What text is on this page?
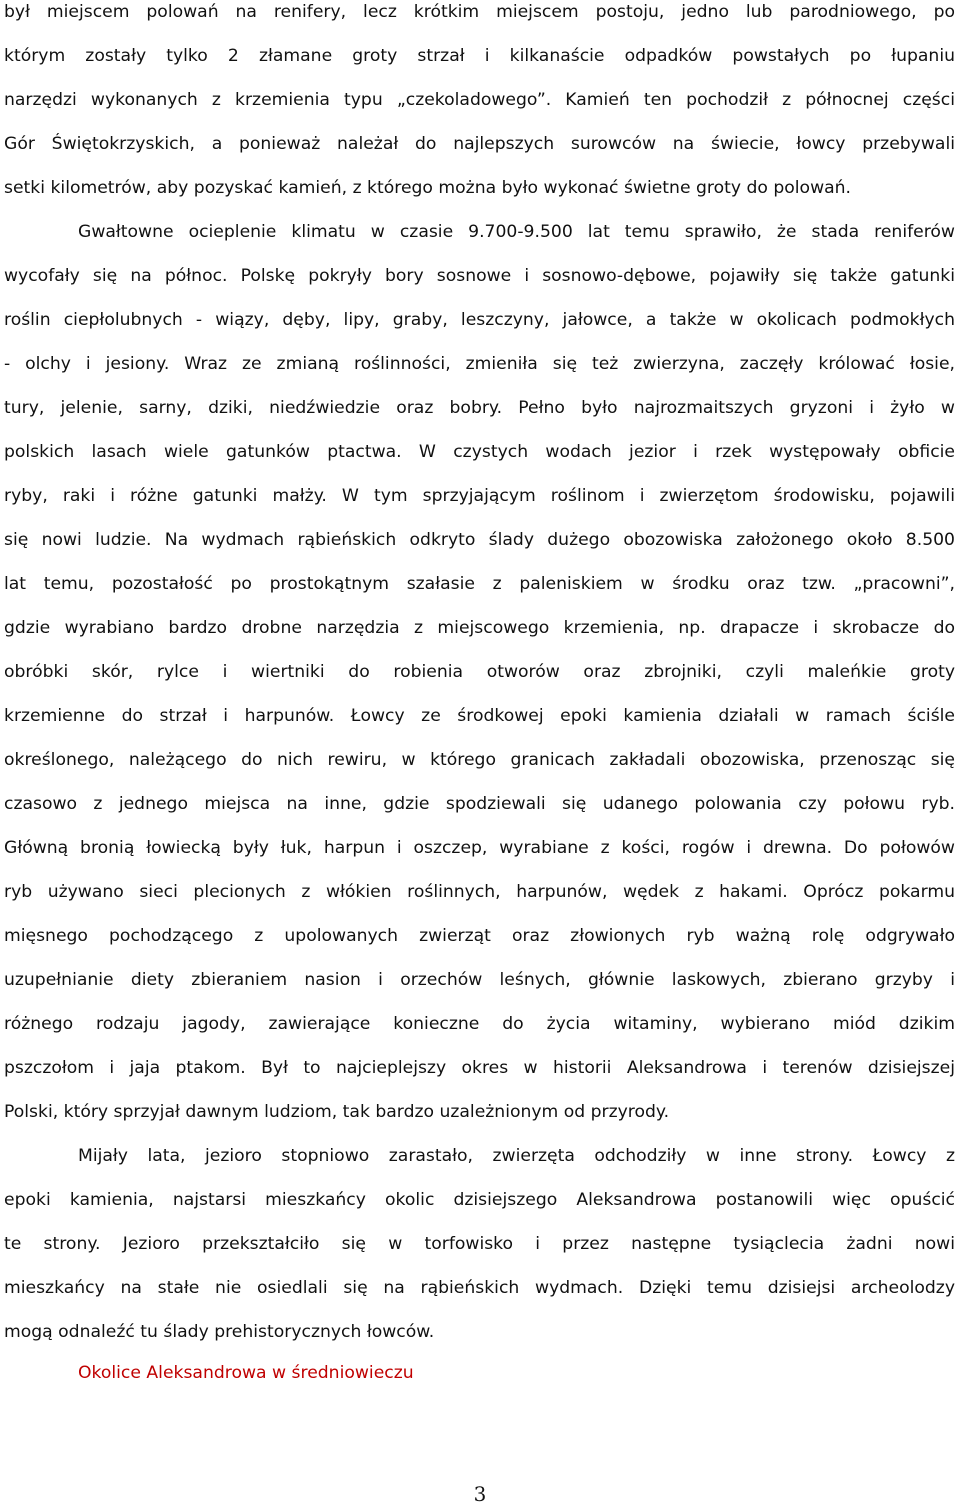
był miejscem polowań na renifery, lecz krótkim miejscem postoju, jedno lub parodniowego, po
którym zostały tylko 2 złamane groty strzał i kilkanaście odpadków powstałych po łupaniu
narzędzi wykonanych z krzemienia typu „czekoladowego”. Kamień ten pochodził z północnej części
Gór Świętokrzyskich, a ponieważ należał do najlepszych surowców na świecie, łowcy przebywali
setki kilometrów, aby pozyskać kamień, z którego można było wykonać świetne groty do polowań.
Gwałtowne ocieplenie klimatu w czasie 9.700-9.500 lat temu sprawiło, że stada reniferów
wycofały się na północ. Polskę pokryły bory sosnowe i sosnowo-dębowe, pojawiły się także gatunki
roślin ciepłolubnych - wiązy, dęby, lipy, graby, leszczyny, jałowce, a także w okolicach podmokłych
- olchy i jesiony. Wraz ze zmianą roślinności, zmieniła się też zwierzyna, zaczęły królować łosie,
tury, jelenie, sarny, dziki, niedźwiedzie oraz bobry. Pełno było najrozmaitszych gryzoni i żyło w
polskich lasach wiele gatunków ptactwa. W czystych wodach jezior i rzek występowały obficie
ryby, raki i różne gatunki małży. W tym sprzyjającym roślinom i zwierzętom środowisku, pojawili
się nowi ludzie. Na wydmach rąbieńskich odkryto ślady dużego obozowiska założonego około 8.500
lat temu, pozostałość po prostokątnym szałasie z paleniskiem w środku oraz tzw. „pracowni”,
gdzie wyrabiano bardzo drobne narzędzia z miejscowego krzemienia, np. drapacze i skrobacze do
obróbki skór, rylce i wiertniki do robienia otworów oraz zbrojniki, czyli maleńkie groty
krzemienne do strzał i harpunów. Łowcy ze środkowej epoki kamienia działali w ramach ściśle
określonego, należącego do nich rewiru, w którego granicach zakładali obozowiska, przenosząc się
czasowo z jednego miejsca na inne, gdzie spodziewali się udanego polowania czy połowu ryb.
Główną bronią łowiecką były łuk, harpun i oszczep, wyrabiane z kości, rogów i drewna. Do połowów
ryb używano sieci plecionych z włókien roślinnych, harpunów, wędek z hakami. Oprócz pokarmu
mięsnego pochodzącego z upolowanych zwierząt oraz złowionych ryb ważną rolę odgrywało
uzupełnianie diety zbieraniem nasion i orzechów leśnych, głównie laskowych, zbierano grzyby i
różnego rodzaju jagody, zawierające konieczne do życia witaminy, wybierano miód dzikim
pszczołom i jaja ptakom. Był to najcieplejszy okres w historii Aleksandrowa i terenów dzisiejszej
Polski, który sprzyjał dawnym ludziom, tak bardzo uzależnionym od przyrody.
Mijały lata, jezioro stopniowo zarastało, zwierzęta odchodziły w inne strony. Łowcy z
epoki kamienia, najstarsi mieszkańcy okolic dzisiejszego Aleksandrowa postanowili więc opuścić
te strony. Jezioro przekształciło się w torfowisko i przez następne tysiąclecia żadni nowi
mieszkańcy na stałe nie osiedlali się na rąbieńskich wydmach. Dzięki temu dzisiejsi archeolodzy
mogą odnaleźć tu ślady prehistorycznych łowców.
Okolice Aleksandrowa w średniowieczu
3
